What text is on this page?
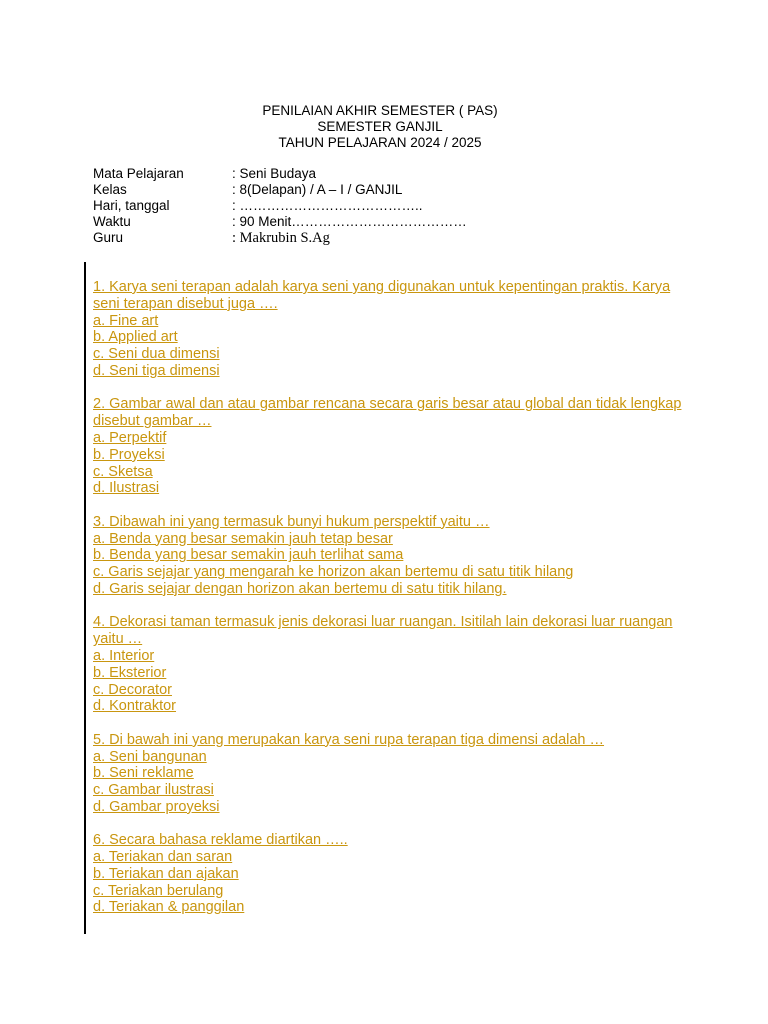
PENILAIAN AKHIR SEMESTER ( PAS)
SEMESTER GANJIL
TAHUN PELAJARAN 2024 / 2025
Mata Pelajaran	: Seni Budaya
Kelas	: 8(Delapan) / A – I / GANJIL
Hari, tanggal	: …………………………………..
Waktu	: 90 Menit…………………………………
Guru	: Makrubin S.Ag
1. Karya seni terapan adalah karya seni yang digunakan untuk kepentingan praktis. Karya seni terapan disebut juga ….
a. Fine art
b. Applied art
c. Seni dua dimensi
d. Seni tiga dimensi
2. Gambar awal dan atau gambar rencana secara garis besar atau global dan tidak lengkap disebut gambar …
a. Perpektif
b. Proyeksi
c. Sketsa
d. Ilustrasi
3. Dibawah ini yang termasuk bunyi hukum perspektif yaitu …
a. Benda yang besar semakin jauh tetap besar
b. Benda yang besar semakin jauh terlihat sama
c. Garis sejajar yang mengarah ke horizon akan bertemu di satu titik hilang
d. Garis sejajar dengan horizon akan bertemu di satu titik hilang.
4. Dekorasi taman termasuk jenis dekorasi luar ruangan. Isitilah lain dekorasi luar ruangan yaitu …
a. Interior
b. Eksterior
c. Decorator
d. Kontraktor
5. Di bawah ini yang merupakan karya seni rupa terapan tiga dimensi adalah …
a. Seni bangunan
b. Seni reklame
c. Gambar ilustrasi
d. Gambar proyeksi
6. Secara bahasa reklame diartikan …..
a. Teriakan dan saran
b. Teriakan dan ajakan
c. Teriakan berulang
d. Teriakan & panggilan
